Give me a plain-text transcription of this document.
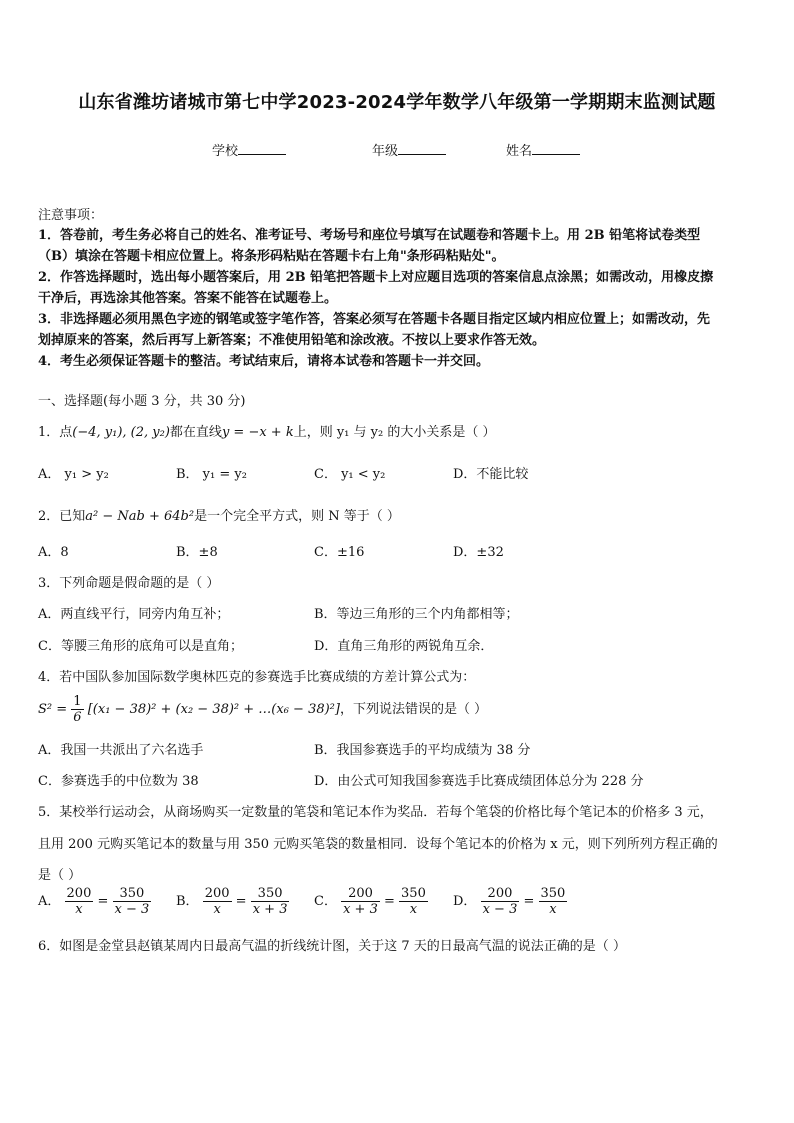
山东省潍坊诸城市第七中学2023-2024学年数学八年级第一学期期末监测试题
学校	年级	姓名
注意事项：
1．答卷前，考生务必将自己的姓名、准考证号、考场号和座位号填写在试题卷和答题卡上。用 2B 铅笔将试卷类型
（B）填涂在答题卡相应位置上。将条形码粘贴在答题卡右上角"条形码粘贴处"。
2．作答选择题时，选出每小题答案后，用 2B 铅笔把答题卡上对应题目选项的答案信息点涂黑；如需改动，用橡皮擦
干净后，再选涂其他答案。答案不能答在试题卷上。
3．非选择题必须用黑色字迹的钢笔或签字笔作答，答案必须写在答题卡各题目指定区域内相应位置上；如需改动，先
划掉原来的答案，然后再写上新答案；不准使用铅笔和涂改液。不按以上要求作答无效。
4．考生必须保证答题卡的整洁。考试结束后，请将本试卷和答题卡一并交回。
一、选择题(每小题 3 分，共 30 分)
1．点(−4, y₁), (2, y₂)都在直线y = −x + k上，则 y₁ 与 y₂ 的大小关系是（ ）
A． y₁ > y₂	B． y₁ = y₂	C． y₁ < y₂	D．不能比较
2．已知a² − Nab + 64b²是一个完全平方式，则 N 等于（ ）
A．8	B．±8	C．±16	D．±32
3．下列命题是假命题的是（ ）
A．两直线平行，同旁内角互补；	B．等边三角形的三个内角都相等；
C．等腰三角形的底角可以是直角；	D．直角三角形的两锐角互余．
4．若中国队参加国际数学奥林匹克的参赛选手比赛成绩的方差计算公式为：
$S^2 = \frac{1}{6} [(x_1 - 38)^2 + (x_2 - 38)^2$ + …(x₆ − 38)²]，下列说法错误的是（ ）
A．我国一共派出了六名选手	B．我国参赛选手的平均成绩为 38 分
C．参赛选手的中位数为 38	D．由公式可知我国参赛选手比赛成绩团体总分为 228 分
5．某校举行运动会，从商场购买一定数量的笔袋和笔记本作为奖品．若每个笔袋的价格比每个笔记本的价格多 3 元，
且用 200 元购买笔记本的数量与用 350 元购买笔袋的数量相同．设每个笔记本的价格为 x 元，则下列所列方程正确的
是（ ）
A． $\frac{200}{x} = \frac{350}{x - 3}$ B． $\frac{200}{x} = \frac{350}{x + 3}$ C． $\frac{200}{x + 3} = \frac{350}{x}$ D． $\frac{200}{x - 3} = \frac{350}{x}$
6．如图是金堂县赵镇某周内日最高气温的折线统计图，关于这 7 天的日最高气温的说法正确的是（ ）
